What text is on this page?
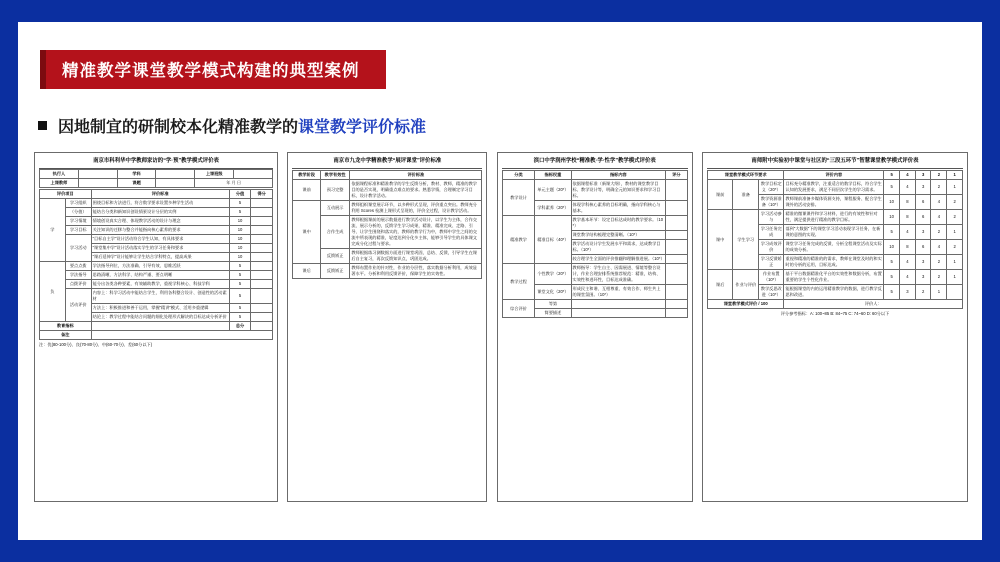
精准教学课堂教学模式构建的典型案例
因地制宜的研制校本化精准教学的课堂教学评价标准
南京市科利华中学教师家访的“学·预”教学模式评价表
执行人		学科		上课班级	
上课教师		课题		年 月 日	
评价项目		评价标准	分值	得分
学	学习组织	围绕目标和方法进行，符合数学要求设置多种学生活动	5	
	（分值）	能结合分类和新知识创设情景设计分层的实例	5	
	学习情境	情境创设真实合理、体现教学活动的设计与理念	10	
	学习目标	关注知识的迁移与整合并能指向核心素养的要求	10	
	学习活动	“目标自主学”设计活动符合学生认知，有具体要求	10	
		“课堂集中学”设计活动落实学生的学习任务和要求	10	
		“课后延伸学”设计能够让学生结合学科特点，提高成果	10	
负	要点点拨	学法指导到位，方法准确、引导有效、思维活跃	5	
	学法指导	思路清晰，方法科学、结构严谨、要点明晰	5	
	点拨评价	能分出各类各种要素，有效辅助教学，重视学科核心、科技学科	5	
	活动评价	内容上：科学习活动中能结合学生，利用各科整合设计、创造性的活动素材	5	
		方法上：积极推进和善于运用，掌握“精讲”模式、活用多重逻辑	5	
		结论上：教学过程中能结合问题的细化处理形式解决的目标达成分析评价	5	
教育指标			总分	
备注				
注：优(80-100分)、良(70-80分)、中(60-70分)、差(60分以下)
南京市九龙中学精准教学“展评课堂”评价标准
教学阶段	教学有效性	评价标准
课前	预习完整	依据课程标准和精准教学的学生反馈分析，教材、教师，精准的教学目的是否实现，明确重点难点的要求。熟悉学情，合理制定学习目标，设计教学活动。
课中	互动展示	教师组织课堂展示环节，以多种形式呈现，评价重点突出。教师充分利用 Scores 检测上课形式呈现的，评价全过程，设计教学活动。
	合作生成	教师根据课前的展示数据进行教学活动设计，以学生为主体，合作交流、展示分析的，反馈学生学习成果，精准、精准完成、走路、引导、让学生围绕和落实的，教师的教学行为中，教师中学生之间的交流中所表现的精准，轻度达到分化多主体，能够引导学生的具体课文完成分化过程与要求。
	反馈矫正	教师根据练习测数据方面进行课堂巩固，总结、反馈，引导学生在课后自主复习，再次反馈知识点，巩固达成。
课后	反馈矫正	教师布置作业的针对性，作业的分层性，落实数据分析利用，成效显著水平。分析和利用反馈评价，保障学生的实效性。
滨口中学润州学校“精准教·学·性学”教学模式评价表
分类	指标权重	指标内容	评分
教学设计	单元主题（20*）	依据课程标准（新课大纲），教材的课堂教学目标、教学设计等，明确全元的知识要求和学习目标。	
	学科素养（20*）	体现学科核心素养的目标明确，指向学科核心与基本。	
精准教学	精准目标（40*）	教学基本环节：设定目标达成时的教学要求。（10*）	
		课堂教学结构梳理完整清晰。（10*）	
		教学活动设计学生发展水平和需求，达成教学目标。（10*）	
		较合理学生全面的评价推翻和理解推进展。（10*）	
教学过程	个性教学（20*）	教师指导：学生自主、因需展进、情境等整合设计，作业合理安排系统推荐规范：精准，结构、实效性和进环性，目标达成准确。	
	课堂文化（20*）	形成民主和谐、互相尊重、有效合作、师生共上的课堂氛围。（10*）	
综合评价	等第		
	简要描述		
南师附中实验初中课堂与社区的“三段五环节”智慧课堂教学模式评价表
课堂教学模式环节要求			评价内容	5	4	3	2	1
课前	准备	教学目标定义（20*）	目标充分精准教学，注重适合的数学目标，符合学生认知的发展要求，满足不同层次学生的学习需求。	5	4	3	2	1
		教学资源准备（10*）	教师课前准备多媒体资源支持，课程服务、配合学生课外的活动安排。	10	8	6	4	2
课中	学生学习	学习活动参与	精准的微课课件和学习材料，进行的有效性和针对性，满足提供进行精准的教学目标。	10	8	6	4	2
		学习任务完成	落到“大数据”下的课堂学习活动表现学习任务，在新课的意图的实现。	5	4	3	2	1
		学习成效评价	课堂学习任务完成的反馈，分析全程课堂活动及实际的成效分析。	10	8	6	4	2
		学习反馈矫正	重视和精准的精准的的需求，教师在课堂及时的和实时的分析的运用，目标达成。	5	4	3	2	1
课后	作业与评价	作业布置（10*）	基于平台数据精准化平台的实效性和数据分析，布置重要的学生个性化作业。	5	4	3	2	1
		教学反思改进（10*）	能根据课堂的内的运用精准教学的数据，进行教学反思和改进。	5	3	2	1	
课堂教学模式评价 / 100			评价人：					
评分参考指标：A: 100~85 B: 84~75 C: 74~60 D: 60分以下
